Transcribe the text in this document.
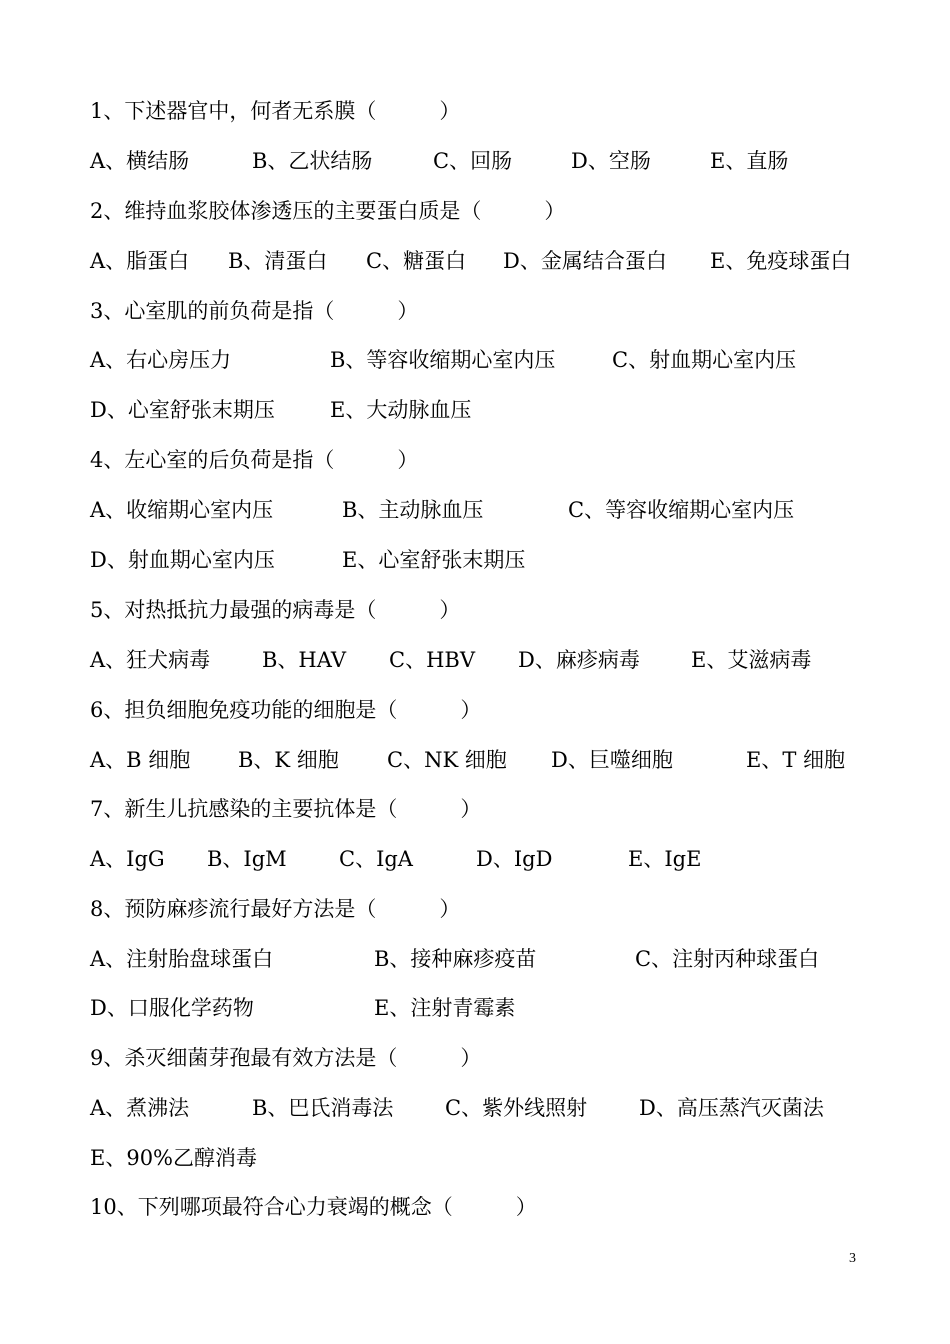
1、下述器官中，何者无系膜（　　　）
A、横结肠	B、乙状结肠	C、回肠	D、空肠	E、直肠
2、维持血浆胶体渗透压的主要蛋白质是（　　　）
A、脂蛋白 B、清蛋白 C、糖蛋白 D、金属结合蛋白 E、免疫球蛋白
3、心室肌的前负荷是指（　　　）
A、右心房压力	B、等容收缩期心室内压	C、射血期心室内压
D、心室舒张末期压	E、大动脉血压
4、左心室的后负荷是指（　　　）
A、收缩期心室内压	B、主动脉血压	C、等容收缩期心室内压
D、射血期心室内压	E、心室舒张末期压
5、对热抵抗力最强的病毒是（　　　）
A、狂犬病毒 B、HAV C、HBV D、麻疹病毒 E、艾滋病毒
6、担负细胞免疫功能的细胞是（　　　）
A、B 细胞 B、K 细胞 C、NK 细胞 D、巨噬细胞	E、T 细胞
7、新生儿抗感染的主要抗体是（　　　）
A、IgG B、IgM C、IgA	D、IgD	E、IgE
8、预防麻疹流行最好方法是（　　　）
A、注射胎盘球蛋白	B、接种麻疹疫苗	C、注射丙种球蛋白
D、口服化学药物	E、注射青霉素
9、杀灭细菌芽孢最有效方法是（　　　）
A、煮沸法	B、巴氏消毒法 C、紫外线照射 D、高压蒸汽灭菌法
E、90%乙醇消毒
10、下列哪项最符合心力衰竭的概念（　　　）
3
